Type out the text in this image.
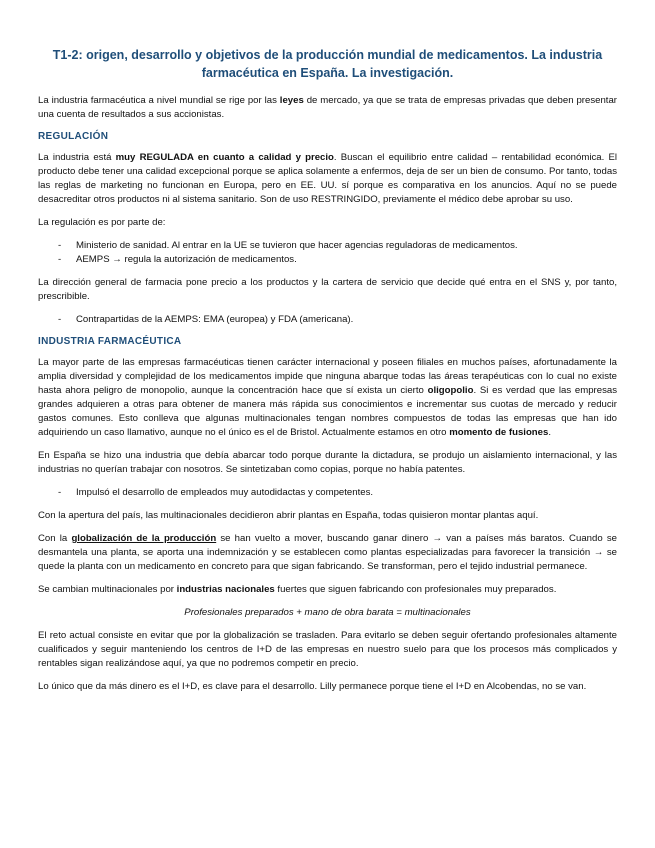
T1-2: origen, desarrollo y objetivos de la producción mundial de medicamentos. La industria farmacéutica en España. La investigación.

La industria farmacéutica a nivel mundial se rige por las leyes de mercado, ya que se trata de empresas privadas que deben presentar una cuenta de resultados a sus accionistas.

REGULACIÓN

La industria está muy REGULADA en cuanto a calidad y precio. Buscan el equilibrio entre calidad – rentabilidad económica. El producto debe tener una calidad excepcional porque se aplica solamente a enfermos, deja de ser un bien de consumo. Por tanto, todas las reglas de marketing no funcionan en Europa, pero en EE. UU. sí porque es comparativa en los anuncios. Aquí no se puede desacreditar otros productos ni al sistema sanitario. Son de uso RESTRINGIDO, previamente el médico debe aprobar su uso.

La regulación es por parte de:

- Ministerio de sanidad. Al entrar en la UE se tuvieron que hacer agencias reguladoras de medicamentos.
- AEMPS → regula la autorización de medicamentos.

La dirección general de farmacia pone precio a los productos y la cartera de servicio que decide qué entra en el SNS y, por tanto, prescribible.

- Contrapartidas de la AEMPS: EMA (europea) y FDA (americana).
INDUSTRIA FARMACÉUTICA

La mayor parte de las empresas farmacéuticas tienen carácter internacional y poseen filiales en muchos países, afortunadamente la amplia diversidad y complejidad de los medicamentos impide que ninguna abarque todas las áreas terapéuticas con lo cual no existe hasta ahora peligro de monopolio, aunque la concentración hace que sí exista un cierto oligopolio. Si es verdad que las empresas grandes adquieren a otras para obtener de manera más rápida sus conocimientos e incrementar sus cuotas de mercado y reducir gastos comunes. Esto conlleva que algunas multinacionales tengan nombres compuestos de todas las empresas que han ido adquiriendo un caso llamativo, aunque no el único es el de Bristol. Actualmente estamos en otro momento de fusiones.

En España se hizo una industria que debía abarcar todo porque durante la dictadura, se produjo un aislamiento internacional, y las industrias no querían trabajar con nosotros. Se sintetizaban como copias, porque no había patentes.

- Impulsó el desarrollo de empleados muy autodidactas y competentes.

Con la apertura del país, las multinacionales decidieron abrir plantas en España, todas quisieron montar plantas aquí.

Con la globalización de la producción se han vuelto a mover, buscando ganar dinero → van a países más baratos. Cuando se desmantela una planta, se aporta una indemnización y se establecen como plantas especializadas para favorecer la transición → se quede la planta con un medicamento en concreto para que sigan fabricando. Se transforman, pero el tejido industrial permanece.

Se cambian multinacionales por industrias nacionales fuertes que siguen fabricando con profesionales muy preparados.

Profesionales preparados + mano de obra barata = multinacionales

El reto actual consiste en evitar que por la globalización se trasladen. Para evitarlo se deben seguir ofertando profesionales altamente cualificados y seguir manteniendo los centros de I+D de las empresas en nuestro suelo para que los procesos más complicados y rentables sigan realizándose aquí, ya que no podremos competir en precio.

Lo único que da más dinero es el I+D, es clave para el desarrollo. Lilly permanece porque tiene el I+D en Alcobendas, no se van.
